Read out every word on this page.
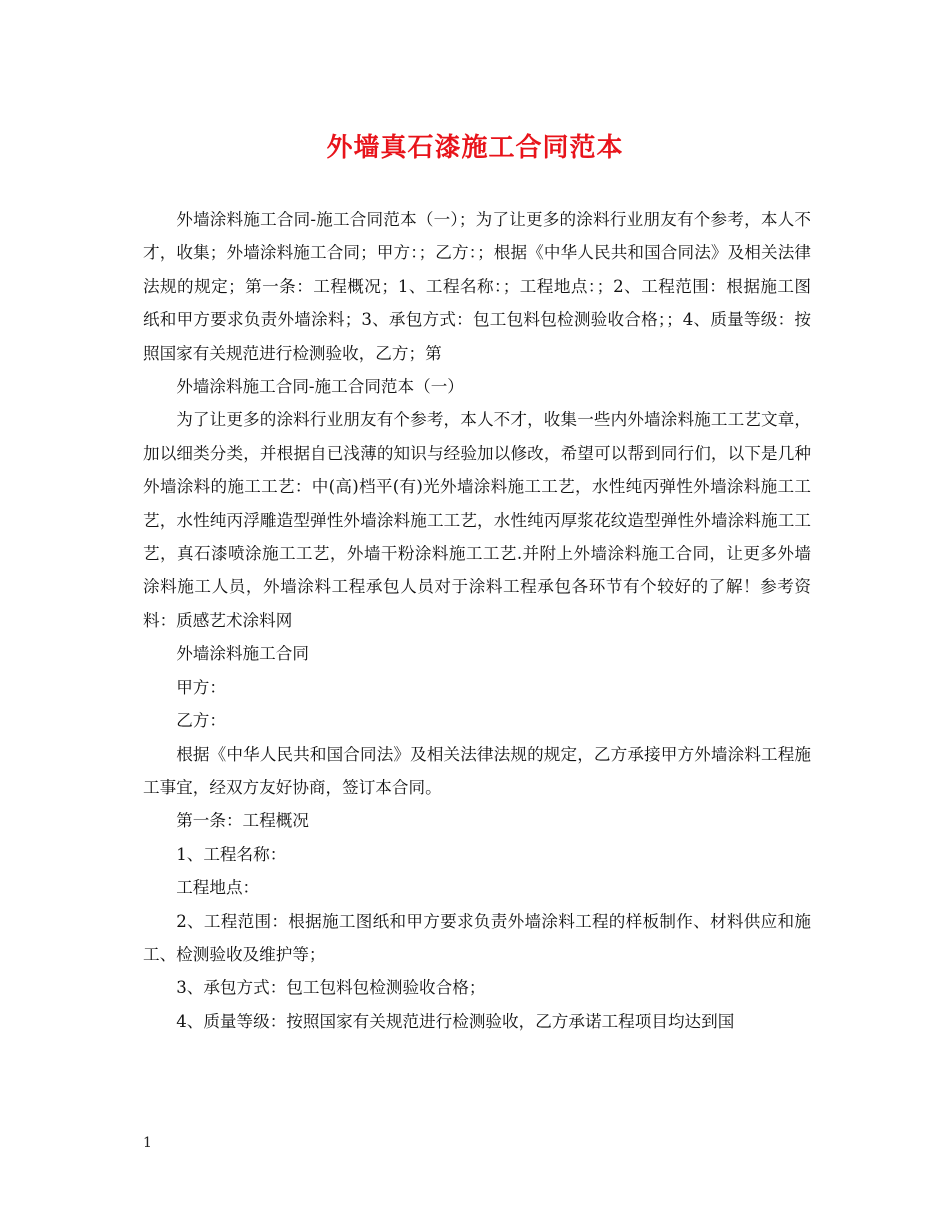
外墙真石漆施工合同范本

外墙涂料施工合同-施工合同范本（一）；为了让更多的涂料行业朋友有个参考，本人不才，收集；外墙涂料施工合同；甲方：；乙方：；根据《中华人民共和国合同法》及相关法律法规的规定；第一条：工程概况；1、工程名称：；工程地点：；2、工程范围：根据施工图纸和甲方要求负责外墙涂料；3、承包方式：包工包料包检测验收合格；；4、质量等级：按照国家有关规范进行检测验收，乙方；第

外墙涂料施工合同-施工合同范本（一）

为了让更多的涂料行业朋友有个参考，本人不才，收集一些内外墙涂料施工工艺文章，加以细类分类，并根据自已浅薄的知识与经验加以修改，希望可以帮到同行们，以下是几种外墙涂料的施工工艺：中(高)档平(有)光外墙涂料施工工艺，水性纯丙弹性外墙涂料施工工艺，水性纯丙浮雕造型弹性外墙涂料施工工艺，水性纯丙厚浆花纹造型弹性外墙涂料施工工艺，真石漆喷涂施工工艺，外墙干粉涂料施工工艺.并附上外墙涂料施工合同，让更多外墙涂料施工人员，外墙涂料工程承包人员对于涂料工程承包各环节有个较好的了解！参考资料：质感艺术涂料网

外墙涂料施工合同

甲方：

乙方：

根据《中华人民共和国合同法》及相关法律法规的规定，乙方承接甲方外墙涂料工程施工事宜，经双方友好协商，签订本合同。

第一条：工程概况

1、工程名称：

工程地点：

2、工程范围：根据施工图纸和甲方要求负责外墙涂料工程的样板制作、材料供应和施工、检测验收及维护等；

3、承包方式：包工包料包检测验收合格；

4、质量等级：按照国家有关规范进行检测验收，乙方承诺工程项目均达到国

1
